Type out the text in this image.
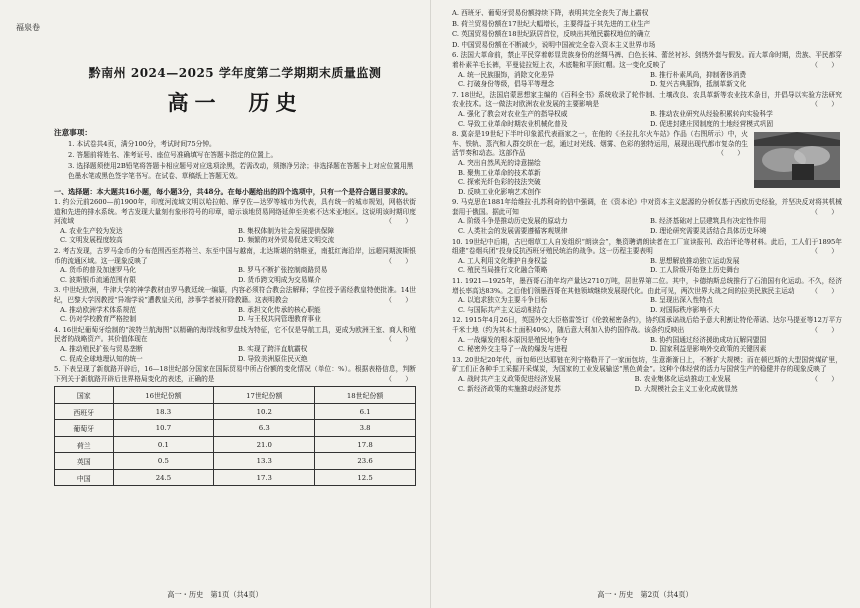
福泉卷
黔南州 2024—2025 学年度第二学期期末质量监测
高一　历史
注意事项：
1. 本试卷共4页，满分100分，考试时间75分钟。
2. 答题前将姓名、准考证号、座位号准确填写在答题卡指定的位置上。
3. 选择题须使用2B铅笔将答题卡相应题号对应选项涂黑，若需改动，须擦净另涂；非选择题在答题卡上对应位置用黑色墨水笔或黑色签字笔书写。在试卷、草稿纸上答题无效。
一、选择题：本大题共16小题，每小题3分，共48分。在每小题给出的四个选项中，只有一个是符合题目要求的。
1. 约公元前2600—前1900年，印度河流域文明以哈拉帕、摩亨佐—达罗等城市为代表，具有统一的城市规划，网格状街道和先进的排水系统。考古发现大量刻有象形符号的印章，暗示该地贸易网络延伸至美索不达米亚地区。这说明该时期印度河流域	（　　）
A. 农业生产较为发达	B. 集权体制为社会发展提供保障
C. 文明发展程度较高	D. 频繁的对外贸易促进文明交流
2. 考古发现，古罗马金币的分布范围西至苏格兰、东至中国与越南，北达斯堪的纳维亚，南抵红海沿岸，远超同期波斯银币的流通区域。这一现象反映了	（　　）
A. 货币的普及加速罗马化	B. 罗马不断扩张控制商路贸易
C. 波斯银币流通范围有限	D. 货币跨文明成为交易媒介
3. 中世纪欧洲，牛津大学的神学教材由罗马教廷统一编纂，内容必须符合教会法解释；学位授予需经教皇特使批准。14世纪，巴黎大学因教授“异端学说”遭教皇关闭，涉事学者被开除教籍。这表明教会	（　　）
A. 推动欧洲学术体系规范	B. 承担文化传承的核心职能
C. 仍对学校教育严格控制	D. 与王权共同管理教育事业
4. 16世纪葡萄牙绘制的“波特兰航海图”以精确的海岸线和罗盘线为特征，它不仅是导航工具，更成为欧洲王室、商人和殖民者的战略资产。其价值体现在	（　　）
A. 推动殖民扩张与贸易垄断	B. 实现了跨洋直航霸权
C. 促成全球地理认知的统一	D. 导致美洲原住民灭绝
5. 下表呈现了新航路开辟后，16—18世纪部分国家在国际贸易中所占份额的变化情况（单位：%）。根据表格信息，判断下列关于新航路开辟后世界格局变化的表述，正确的是	（　　）
国家	16世纪份额	17世纪份额	18世纪份额
西班牙	18.3	10.2	6.1
葡萄牙	10.7	6.3	3.8
荷兰	0.1	21.0	17.8
英国	0.5	13.3	23.6
中国	24.5	17.3	12.5
高一・历史　第1页（共4页）
A. 西班牙、葡萄牙贸易份额持续下降，表明其完全丧失了海上霸权
B. 荷兰贸易份额在17世纪大幅增长，主要得益于其先进的工业生产
C. 英国贸易份额在18世纪跃居首位，反映出其殖民霸权地位的确立
D. 中国贸易份额在不断减少，说明中国被完全卷入资本主义世界市场
6. 法国大革命前，禁止平民穿着彰显贵族身份的丝绸马裤、白色长袜、蕾丝衬衫、剑绣外套与假发。而大革命时期，贵族、平民都穿着朴素羊毛长裤，平曼徒拉短上衣，木底鞋和平顶红帽。这一变化反映了	（　　）
A. 统一民族服饰，消除文化差异	B. 推行朴素风尚，抑制奢侈消费
C. 打破身份等级，倡导平等理念	D. 复兴古典服饰，抵制革新文化
7. 18世纪，法国启蒙思想家主编的《百科全书》系统收录了轮作制、土壤改良、农具革新等农业技术条目，并倡导以实验方法研究农业技术。这一做法对欧洲农业发展的主要影响是	（　　）
A. 强化了教会对农业生产的指导权威	B. 推动农业研究从经验积累转向实验科学
C. 导致工业革命时期农业机械化普及	D. 促进封建庄园制度的土地经营模式巩固
8. 莫奈是19世纪下半叶印象派代表画家之一，在他的《圣拉扎尔火车站》作品（右图所示）中，火车、铁轨、蒸汽和人群交织在一起，通过对光线、烟雾、色彩的独特运用，展现出现代都市复杂的生活节奏和动态。这部作品	（　　）
A. 突出自然风光的诗意描绘
B. 聚焦工业革命的技术革新
C. 探索光纤色彩的技法突破
D. 反映工业化影响艺术创作
9. 马克思在1881年给维拉·扎苏利奇的信中强调，在《资本论》中对资本主义起源的分析仅基于西欧历史经验，并坚决反对将其机械套用于俄国。据此可知	（　　）
A. 阶级斗争是推动历史发展的原动力	B. 经济基础对上层建筑具有决定性作用
C. 人类社会的发展需要遵循客观规律	D. 理论研究需要灵活结合具体历史环境
10. 19世纪中后期，古巴烟草工人自发组织“朗读会”，集资聘请朗读者在工厂宣读报刊、政治评论等材料。此后，工人们于1895年组建“卷烟兵团”投身反抗西班牙殖民统治的战争。这一历程主要表明	（　　）
A. 工人利用文化维护自身权益	B. 思想解放推动独立运动发展
C. 殖民当局推行文化融合策略	D. 工人阶级开始登上历史舞台
11. 1921—1925年，墨西哥石油年均产量达2710万吨，居世界第二位。其中，卡德纳斯总统推行了石油国有化运动。不久，经济增长率高达83%。之后他们领墨西哥在其他领域继续发展现代化。由此可见，两次世界大战之间的拉美民族民主运动 （　　）
A. 以追求独立为主要斗争目标	B. 呈现出深入性特点
C. 与国际共产主义运动相结合	D. 对国际秩序影响不大
12. 1915年4月26日，英国外交大臣格雷签订《伦敦秘密条约》，协约国承诺战后给予意大利割让特伦蒂诺、达尔马提亚等12万平方千米土地（约为其本土面积40%），随后意大利加入协约国作战。该条约反映出	（　　）
A. 一战爆发的根本原因是殖民地争夺	B. 协约国通过经济援助成功瓦解同盟国
C. 秘密外交主导了一战的爆发与进程	D. 国家利益是影响外交政策的关键因素
13. 20世纪20年代，面包师巴达耶链在列宁格勒开了一家面包坊，生意渐渐日上，不断扩大规模；而在顿巴斯的大型国营煤矿里，矿工们正各种手工采掘开采煤炭，为国家的工业发展输送“黑色黄金”。这种个体经营的活力与国营生产的稳健并存的现象反映了
（　　）
A. 战时共产主义政策促进经济发展	B. 农业集体化运动推动工业发展
C. 新经济政策的实施推动经济复苏	D. 大规模社会主义工业化成就显然
高一・历史　第2页（共4页）
